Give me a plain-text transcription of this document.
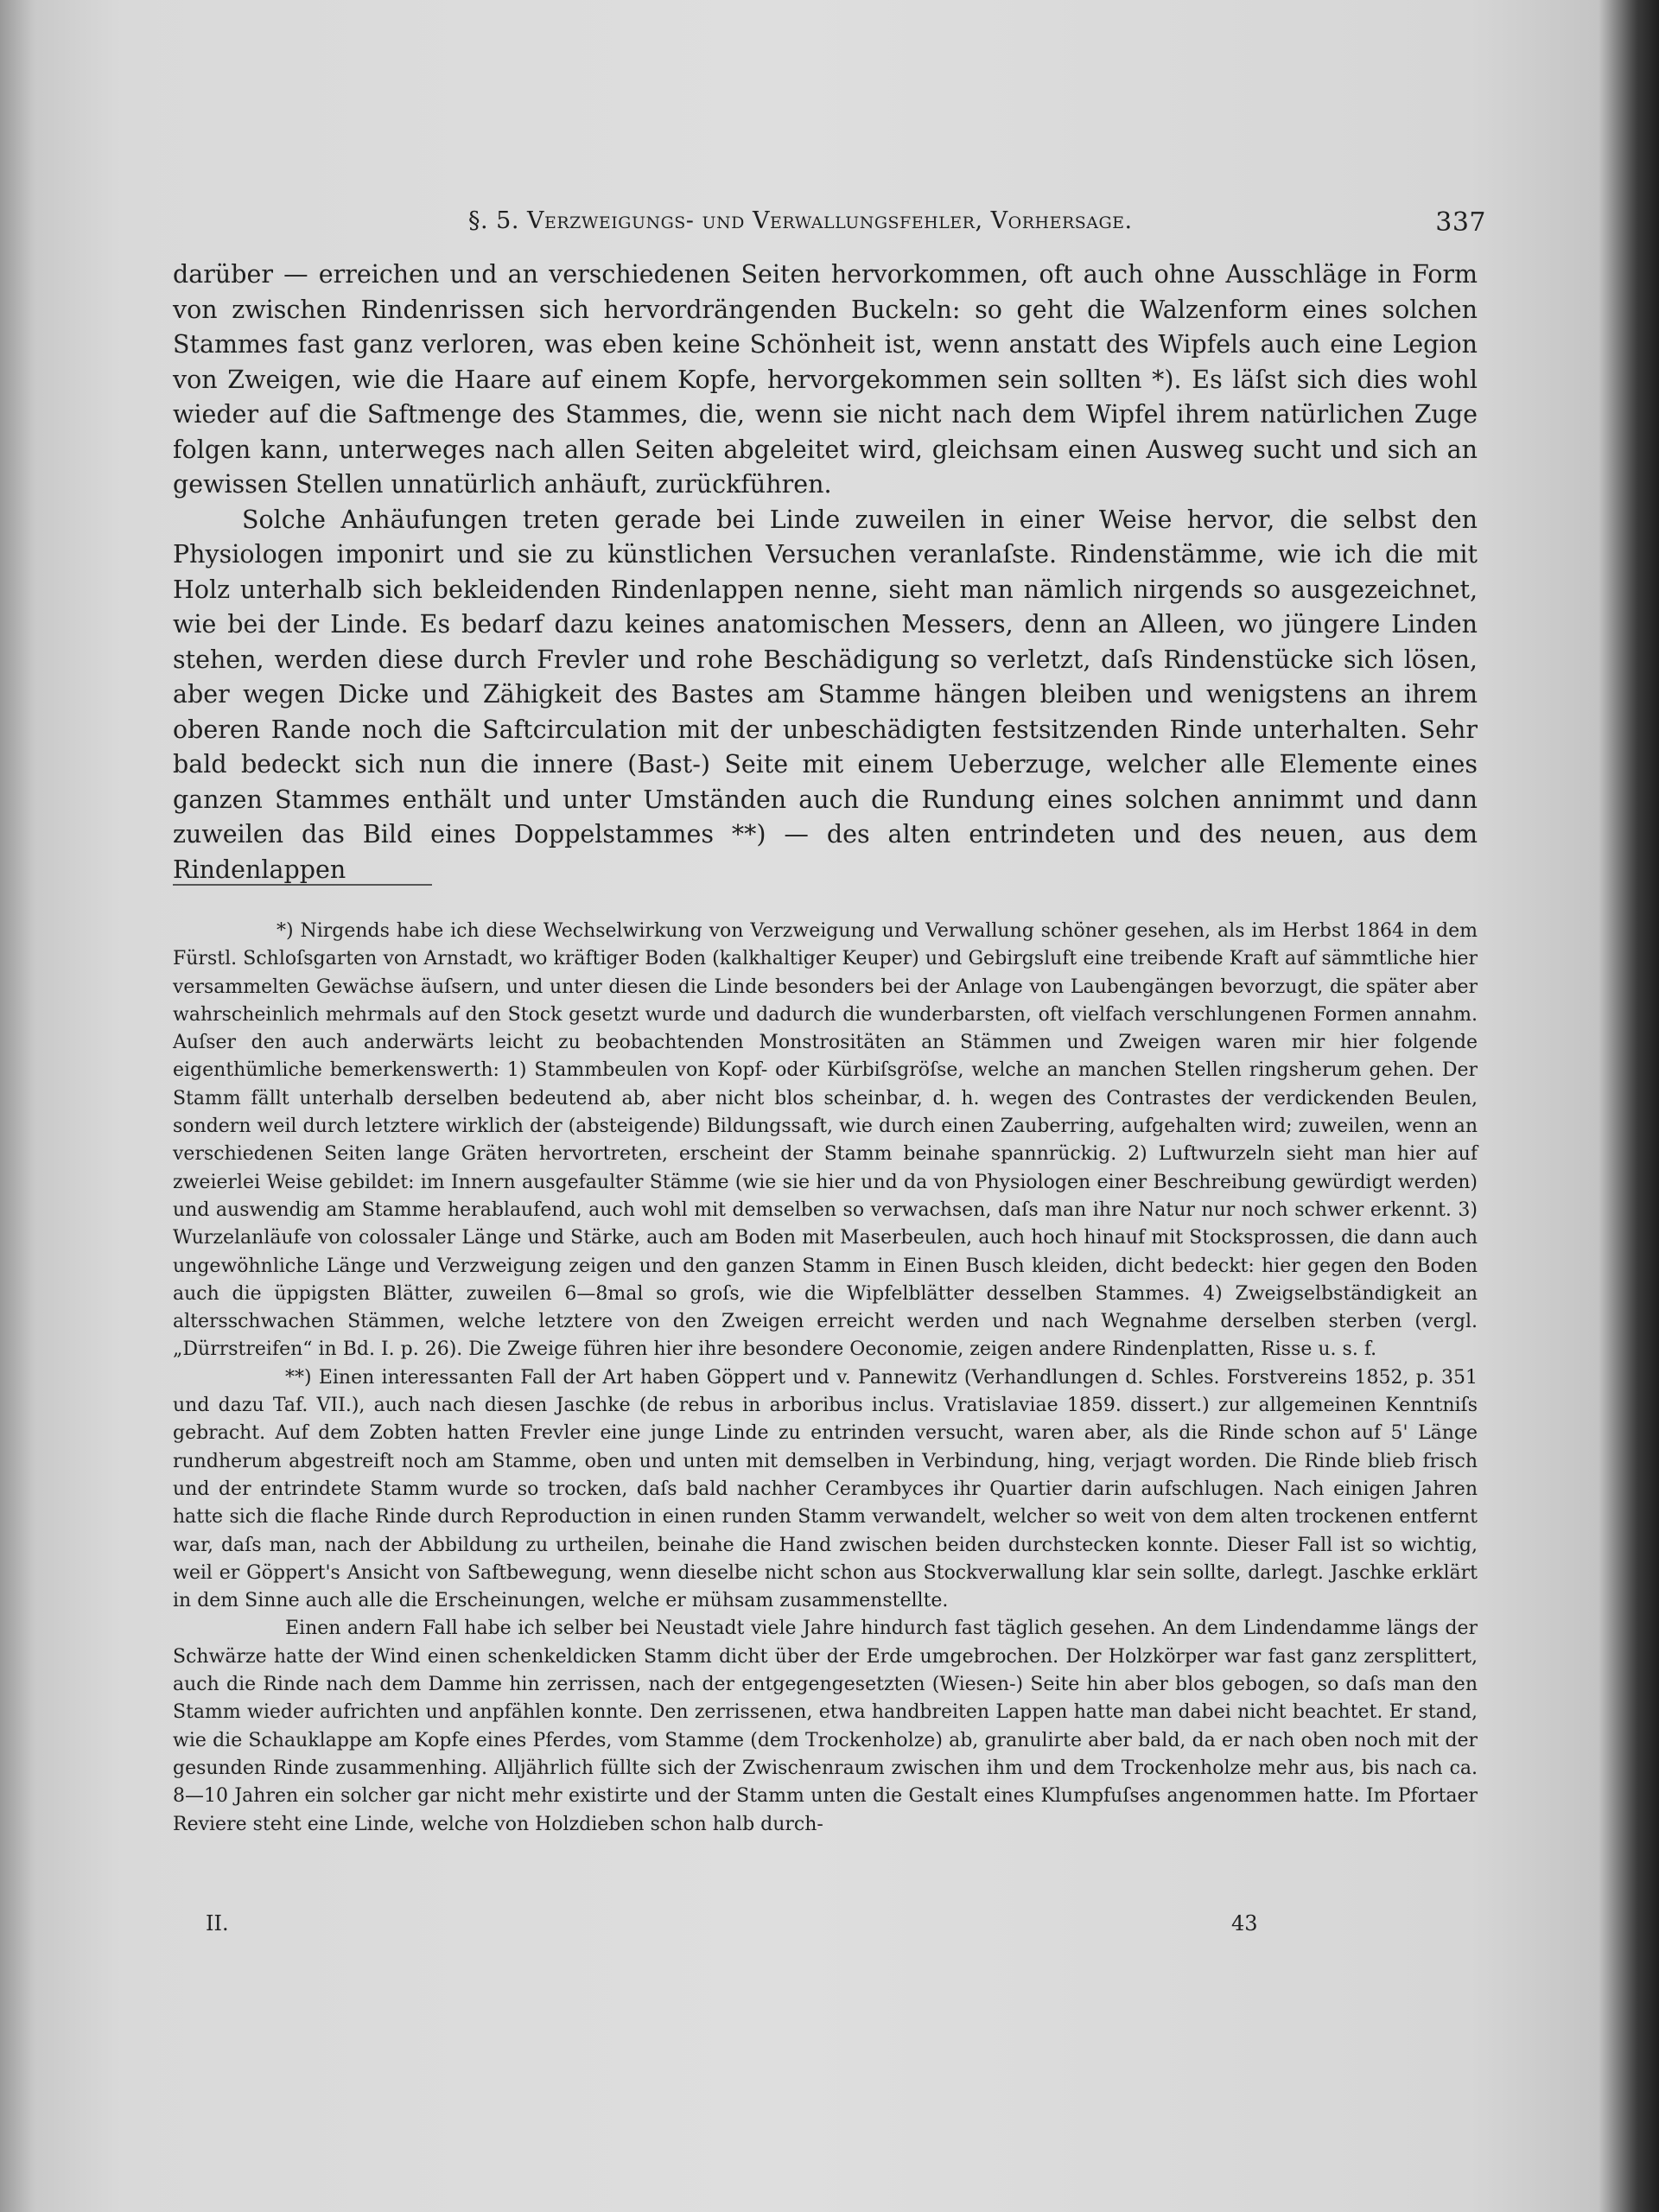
§. 5. Verzweigungs- und Verwallungsfehler, Vorhersage.	337

darüber — erreichen und an verschiedenen Seiten hervorkommen, oft auch ohne Ausschläge in Form von zwischen Rindenrissen sich hervordrängenden Buckeln: so geht die Walzenform eines solchen Stammes fast ganz verloren, was eben keine Schönheit ist, wenn anstatt des Wipfels auch eine Legion von Zweigen, wie die Haare auf einem Kopfe, hervorgekommen sein sollten *). Es läſst sich dies wohl wieder auf die Saftmenge des Stammes, die, wenn sie nicht nach dem Wipfel ihrem natürlichen Zuge folgen kann, unterweges nach allen Seiten abgeleitet wird, gleichsam einen Ausweg sucht und sich an gewissen Stellen unnatürlich anhäuft, zurückführen.

Solche Anhäufungen treten gerade bei Linde zuweilen in einer Weise hervor, die selbst den Physiologen imponirt und sie zu künstlichen Versuchen veranlaſste. Rindenstämme, wie ich die mit Holz unterhalb sich bekleidenden Rindenlappen nenne, sieht man nämlich nirgends so ausgezeichnet, wie bei der Linde. Es bedarf dazu keines anatomischen Messers, denn an Alleen, wo jüngere Linden stehen, werden diese durch Frevler und rohe Beschädigung so verletzt, daſs Rindenstücke sich lösen, aber wegen Dicke und Zähigkeit des Bastes am Stamme hängen bleiben und wenigstens an ihrem oberen Rande noch die Saftcirculation mit der unbeschädigten festsitzenden Rinde unterhalten. Sehr bald bedeckt sich nun die innere (Bast-) Seite mit einem Ueberzuge, welcher alle Elemente eines ganzen Stammes enthält und unter Umständen auch die Rundung eines solchen annimmt und dann zuweilen das Bild eines Doppelstammes **) — des alten entrindeten und des neuen, aus dem Rindenlappen

*) Nirgends habe ich diese Wechselwirkung von Verzweigung und Verwallung schöner gesehen, als im Herbst 1864 in dem Fürstl. Schloſsgarten von Arnstadt, wo kräftiger Boden (kalkhaltiger Keuper) und Gebirgsluft eine treibende Kraft auf sämmtliche hier versammelten Gewächse äuſsern, und unter diesen die Linde besonders bei der Anlage von Laubengängen bevorzugt, die später aber wahrscheinlich mehrmals auf den Stock gesetzt wurde und dadurch die wunderbarsten, oft vielfach verschlungenen Formen annahm. Auſser den auch anderwärts leicht zu beobachtenden Monstrositäten an Stämmen und Zweigen waren mir hier folgende eigenthümliche bemerkenswerth: 1) Stammbeulen von Kopf- oder Kürbiſsgröſse, welche an manchen Stellen ringsherum gehen. Der Stamm fällt unterhalb derselben bedeutend ab, aber nicht blos scheinbar, d. h. wegen des Contrastes der verdickenden Beulen, sondern weil durch letztere wirklich der (absteigende) Bildungssaft, wie durch einen Zauberring, aufgehalten wird; zuweilen, wenn an verschiedenen Seiten lange Gräten hervortreten, erscheint der Stamm beinahe spannrückig. 2) Luftwurzeln sieht man hier auf zweierlei Weise gebildet: im Innern ausgefaulter Stämme (wie sie hier und da von Physiologen einer Beschreibung gewürdigt werden) und auswendig am Stamme herablaufend, auch wohl mit demselben so verwachsen, daſs man ihre Natur nur noch schwer erkennt. 3) Wurzelanläufe von colossaler Länge und Stärke, auch am Boden mit Maserbeulen, auch hoch hinauf mit Stocksprossen, die dann auch ungewöhnliche Länge und Verzweigung zeigen und den ganzen Stamm in Einen Busch kleiden, dicht bedeckt: hier gegen den Boden auch die üppigsten Blätter, zuweilen 6—8mal so groſs, wie die Wipfelblätter desselben Stammes. 4) Zweigselbständigkeit an altersschwachen Stämmen, welche letztere von den Zweigen erreicht werden und nach Wegnahme derselben sterben (vergl. „Dürrstreifen“ in Bd. I. p. 26). Die Zweige führen hier ihre besondere Oeconomie, zeigen andere Rindenplatten, Risse u. s. f.

**) Einen interessanten Fall der Art haben Göppert und v. Pannewitz (Verhandlungen d. Schles. Forstvereins 1852, p. 351 und dazu Taf. VII.), auch nach diesen Jaschke (de rebus in arboribus inclus. Vratislaviae 1859. dissert.) zur allgemeinen Kenntniſs gebracht. Auf dem Zobten hatten Frevler eine junge Linde zu entrinden versucht, waren aber, als die Rinde schon auf 5' Länge rundherum abgestreift noch am Stamme, oben und unten mit demselben in Verbindung, hing, verjagt worden. Die Rinde blieb frisch und der entrindete Stamm wurde so trocken, daſs bald nachher Cerambyces ihr Quartier darin aufschlugen. Nach einigen Jahren hatte sich die flache Rinde durch Reproduction in einen runden Stamm verwandelt, welcher so weit von dem alten trockenen entfernt war, daſs man, nach der Abbildung zu urtheilen, beinahe die Hand zwischen beiden durchstecken konnte. Dieser Fall ist so wichtig, weil er Göppert's Ansicht von Saftbewegung, wenn dieselbe nicht schon aus Stockverwallung klar sein sollte, darlegt. Jaschke erklärt in dem Sinne auch alle die Erscheinungen, welche er mühsam zusammenstellte.

Einen andern Fall habe ich selber bei Neustadt viele Jahre hindurch fast täglich gesehen. An dem Lindendamme längs der Schwärze hatte der Wind einen schenkeldicken Stamm dicht über der Erde umgebrochen. Der Holzkörper war fast ganz zersplittert, auch die Rinde nach dem Damme hin zerrissen, nach der entgegengesetzten (Wiesen-) Seite hin aber blos gebogen, so daſs man den Stamm wieder aufrichten und anpfählen konnte. Den zerrissenen, etwa handbreiten Lappen hatte man dabei nicht beachtet. Er stand, wie die Schauklappe am Kopfe eines Pferdes, vom Stamme (dem Trockenholze) ab, granulirte aber bald, da er nach oben noch mit der gesunden Rinde zusammenhing. Alljährlich füllte sich der Zwischenraum zwischen ihm und dem Trockenholze mehr aus, bis nach ca. 8—10 Jahren ein solcher gar nicht mehr existirte und der Stamm unten die Gestalt eines Klumpfuſses angenommen hatte. Im Pfortaer Reviere steht eine Linde, welche von Holzdieben schon halb durch-

II.	43
